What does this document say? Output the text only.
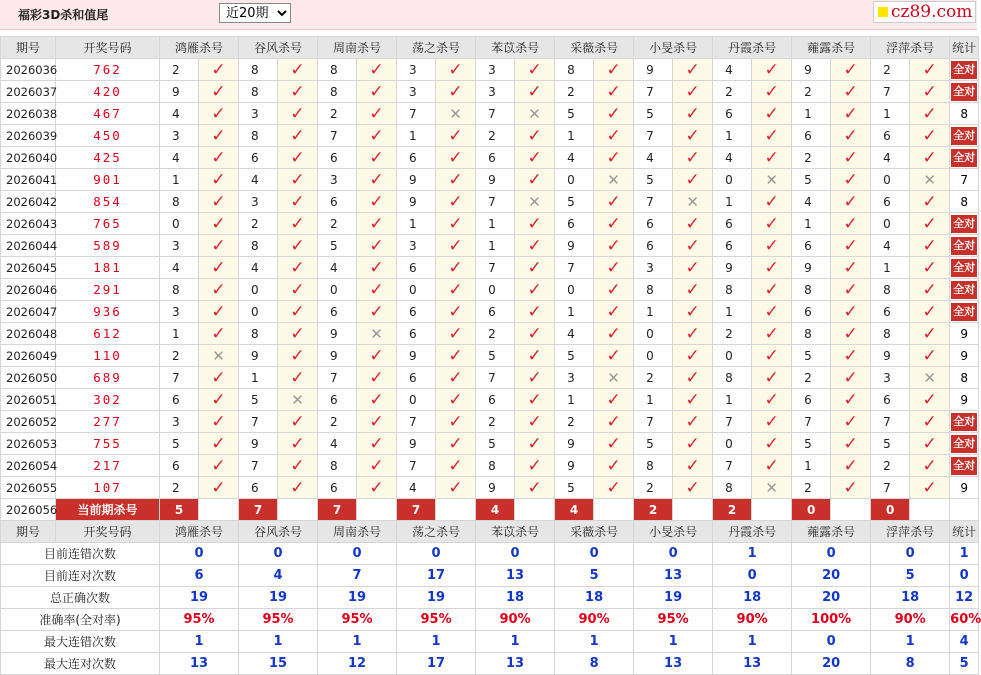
福彩3D杀和值尾
近20期	cz89.com
期号	开奖号码	鸿雁杀号		谷风杀号		周南杀号		荡之杀号		苯苡杀号		采薇杀号		小旻杀号		丹霞杀号		蕹露杀号		浮萍杀号		统计
2026036	762	2	✓	8	✓	8	✓	3	✓	3	✓	8	✓	9	✓	4	✓	9	✓	2	✓	全对
2026037	420	9	✓	8	✓	8	✓	3	✓	3	✓	2	✓	7	✓	2	✓	2	✓	7	✓	全对
2026038	467	4	✓	3	✓	2	✓	7	✕	7	✕	5	✓	5	✓	6	✓	1	✓	1	✓	8
2026039	450	3	✓	8	✓	7	✓	1	✓	2	✓	1	✓	7	✓	1	✓	6	✓	6	✓	全对
2026040	425	4	✓	6	✓	6	✓	6	✓	6	✓	4	✓	4	✓	4	✓	2	✓	4	✓	全对
2026041	901	1	✓	4	✓	3	✓	9	✓	9	✓	0	✕	5	✓	0	✕	5	✓	0	✕	7
2026042	854	8	✓	3	✓	6	✓	9	✓	7	✕	5	✓	7	✕	1	✓	4	✓	6	✓	8
2026043	765	0	✓	2	✓	2	✓	1	✓	1	✓	6	✓	6	✓	6	✓	1	✓	0	✓	全对
2026044	589	3	✓	8	✓	5	✓	3	✓	1	✓	9	✓	6	✓	6	✓	6	✓	4	✓	全对
2026045	181	4	✓	4	✓	4	✓	6	✓	7	✓	7	✓	3	✓	9	✓	9	✓	1	✓	全对
2026046	291	8	✓	0	✓	0	✓	0	✓	0	✓	0	✓	8	✓	8	✓	8	✓	8	✓	全对
2026047	936	3	✓	0	✓	6	✓	6	✓	6	✓	1	✓	1	✓	1	✓	6	✓	6	✓	全对
2026048	612	1	✓	8	✓	9	✕	6	✓	2	✓	4	✓	0	✓	2	✓	8	✓	8	✓	9
2026049	110	2	✕	9	✓	9	✓	9	✓	5	✓	5	✓	0	✓	0	✓	5	✓	9	✓	9
2026050	689	7	✓	1	✓	7	✓	6	✓	7	✓	3	✕	2	✓	8	✓	2	✓	3	✕	8
2026051	302	6	✓	5	✕	6	✓	0	✓	6	✓	1	✓	1	✓	1	✓	6	✓	6	✓	9
2026052	277	3	✓	7	✓	2	✓	7	✓	2	✓	2	✓	7	✓	7	✓	7	✓	7	✓	全对
2026053	755	5	✓	9	✓	4	✓	9	✓	5	✓	9	✓	5	✓	0	✓	5	✓	5	✓	全对
2026054	217	6	✓	7	✓	8	✓	7	✓	8	✓	9	✓	8	✓	7	✓	1	✓	2	✓	全对
2026055	107	2	✓	6	✓	6	✓	4	✓	9	✓	5	✓	2	✓	8	✕	2	✓	7	✓	9
2026056	当前期杀号	5		7		7		7		4		4		2		2		0		0		
期号	开奖号码	鸿雁杀号		谷风杀号		周南杀号		荡之杀号		苯苡杀号		采薇杀号		小旻杀号		丹霞杀号		蕹露杀号		浮萍杀号		统计
目前连错次数		0		0		0		0		0		0		0		1		0		0		1
目前连对次数		6		4		7		17		13		5		13		0		20		5		0
总正确次数		19		19		19		19		18		18		19		18		20		18		12
准确率(全对率)		95%		95%		95%		95%		90%		90%		95%		90%		100%		90%		60%
最大连错次数		1		1		1		1		1		1		1		1		0		1		4
最大连对次数		13		15		12		17		13		8		13		13		20		8		5
